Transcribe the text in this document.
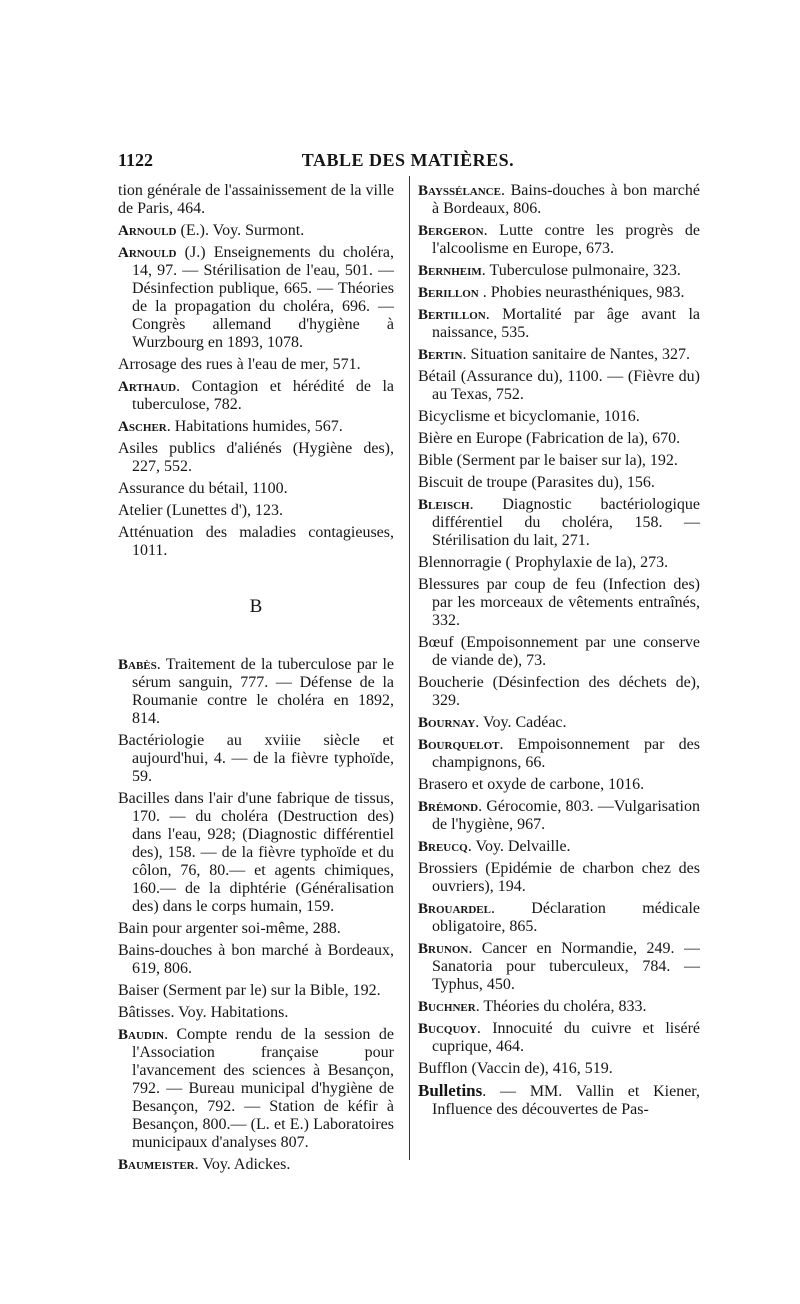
1122	TABLE DES MATIÈRES.

tion générale de l'assainissement de la ville de Paris, 464.

Arnould (E.). Voy. Surmont.

Arnould (J.) Enseignements du choléra, 14, 97. — Stérilisation de l'eau, 501. — Désinfection publique, 665. — Théories de la propagation du choléra, 696. — Congrès allemand d'hygiène à Wurzbourg en 1893, 1078.

Arrosage des rues à l'eau de mer, 571.

Arthaud. Contagion et hérédité de la tuberculose, 782.

Ascher. Habitations humides, 567.

Asiles publics d'aliénés (Hygiène des), 227, 552.

Assurance du bétail, 1100.

Atelier (Lunettes d'), 123.

Atténuation des maladies contagieuses, 1011.

B

Babès. Traitement de la tuberculose par le sérum sanguin, 777. — Défense de la Roumanie contre le choléra en 1892, 814.

Bactériologie au xviiie siècle et aujourd'hui, 4. — de la fièvre typhoïde, 59.

Bacilles dans l'air d'une fabrique de tissus, 170. — du choléra (Destruction des) dans l'eau, 928; (Diagnostic différentiel des), 158. — de la fièvre typhoïde et du côlon, 76, 80.— et agents chimiques, 160.— de la diphtérie (Généralisation des) dans le corps humain, 159.

Bain pour argenter soi-même, 288.

Bains-douches à bon marché à Bordeaux, 619, 806.

Baiser (Serment par le) sur la Bible, 192.

Bâtisses. Voy. Habitations.

Baudin. Compte rendu de la session de l'Association française pour l'avancement des sciences à Besançon, 792. — Bureau municipal d'hygiène de Besançon, 792. — Station de kéfir à Besançon, 800.— (L. et E.) Laboratoires municipaux d'analyses 807.

Baumeister. Voy. Adickes.

Bayssélance. Bains-douches à bon marché à Bordeaux, 806.

Bergeron. Lutte contre les progrès de l'alcoolisme en Europe, 673.

Bernheim. Tuberculose pulmonaire, 323.

Berillon . Phobies neurasthéniques, 983.

Bertillon. Mortalité par âge avant la naissance, 535.

Bertin. Situation sanitaire de Nantes, 327.

Bétail (Assurance du), 1100. — (Fièvre du) au Texas, 752.

Bicyclisme et bicyclomanie, 1016.

Bière en Europe (Fabrication de la), 670.

Bible (Serment par le baiser sur la), 192.

Biscuit de troupe (Parasites du), 156.

Bleisch. Diagnostic bactériologique différentiel du choléra, 158. — Stérilisation du lait, 271.

Blennorragie ( Prophylaxie de la), 273.

Blessures par coup de feu (Infection des) par les morceaux de vêtements entraînés, 332.

Bœuf (Empoisonnement par une conserve de viande de), 73.

Boucherie (Désinfection des déchets de), 329.

Bournay. Voy. Cadéac.

Bourquelot. Empoisonnement par des champignons, 66.

Brasero et oxyde de carbone, 1016.

Brémond. Gérocomie, 803. —Vulgarisation de l'hygiène, 967.

Breucq. Voy. Delvaille.

Brossiers (Epidémie de charbon chez des ouvriers), 194.

Brouardel. Déclaration médicale obligatoire, 865.

Brunon. Cancer en Normandie, 249. — Sanatoria pour tuberculeux, 784. — Typhus, 450.

Buchner. Théories du choléra, 833.

Bucquoy. Innocuité du cuivre et liséré cuprique, 464.

Bufflon (Vaccin de), 416, 519.

Bulletins. — MM. Vallin et Kiener, Influence des découvertes de Pas-
